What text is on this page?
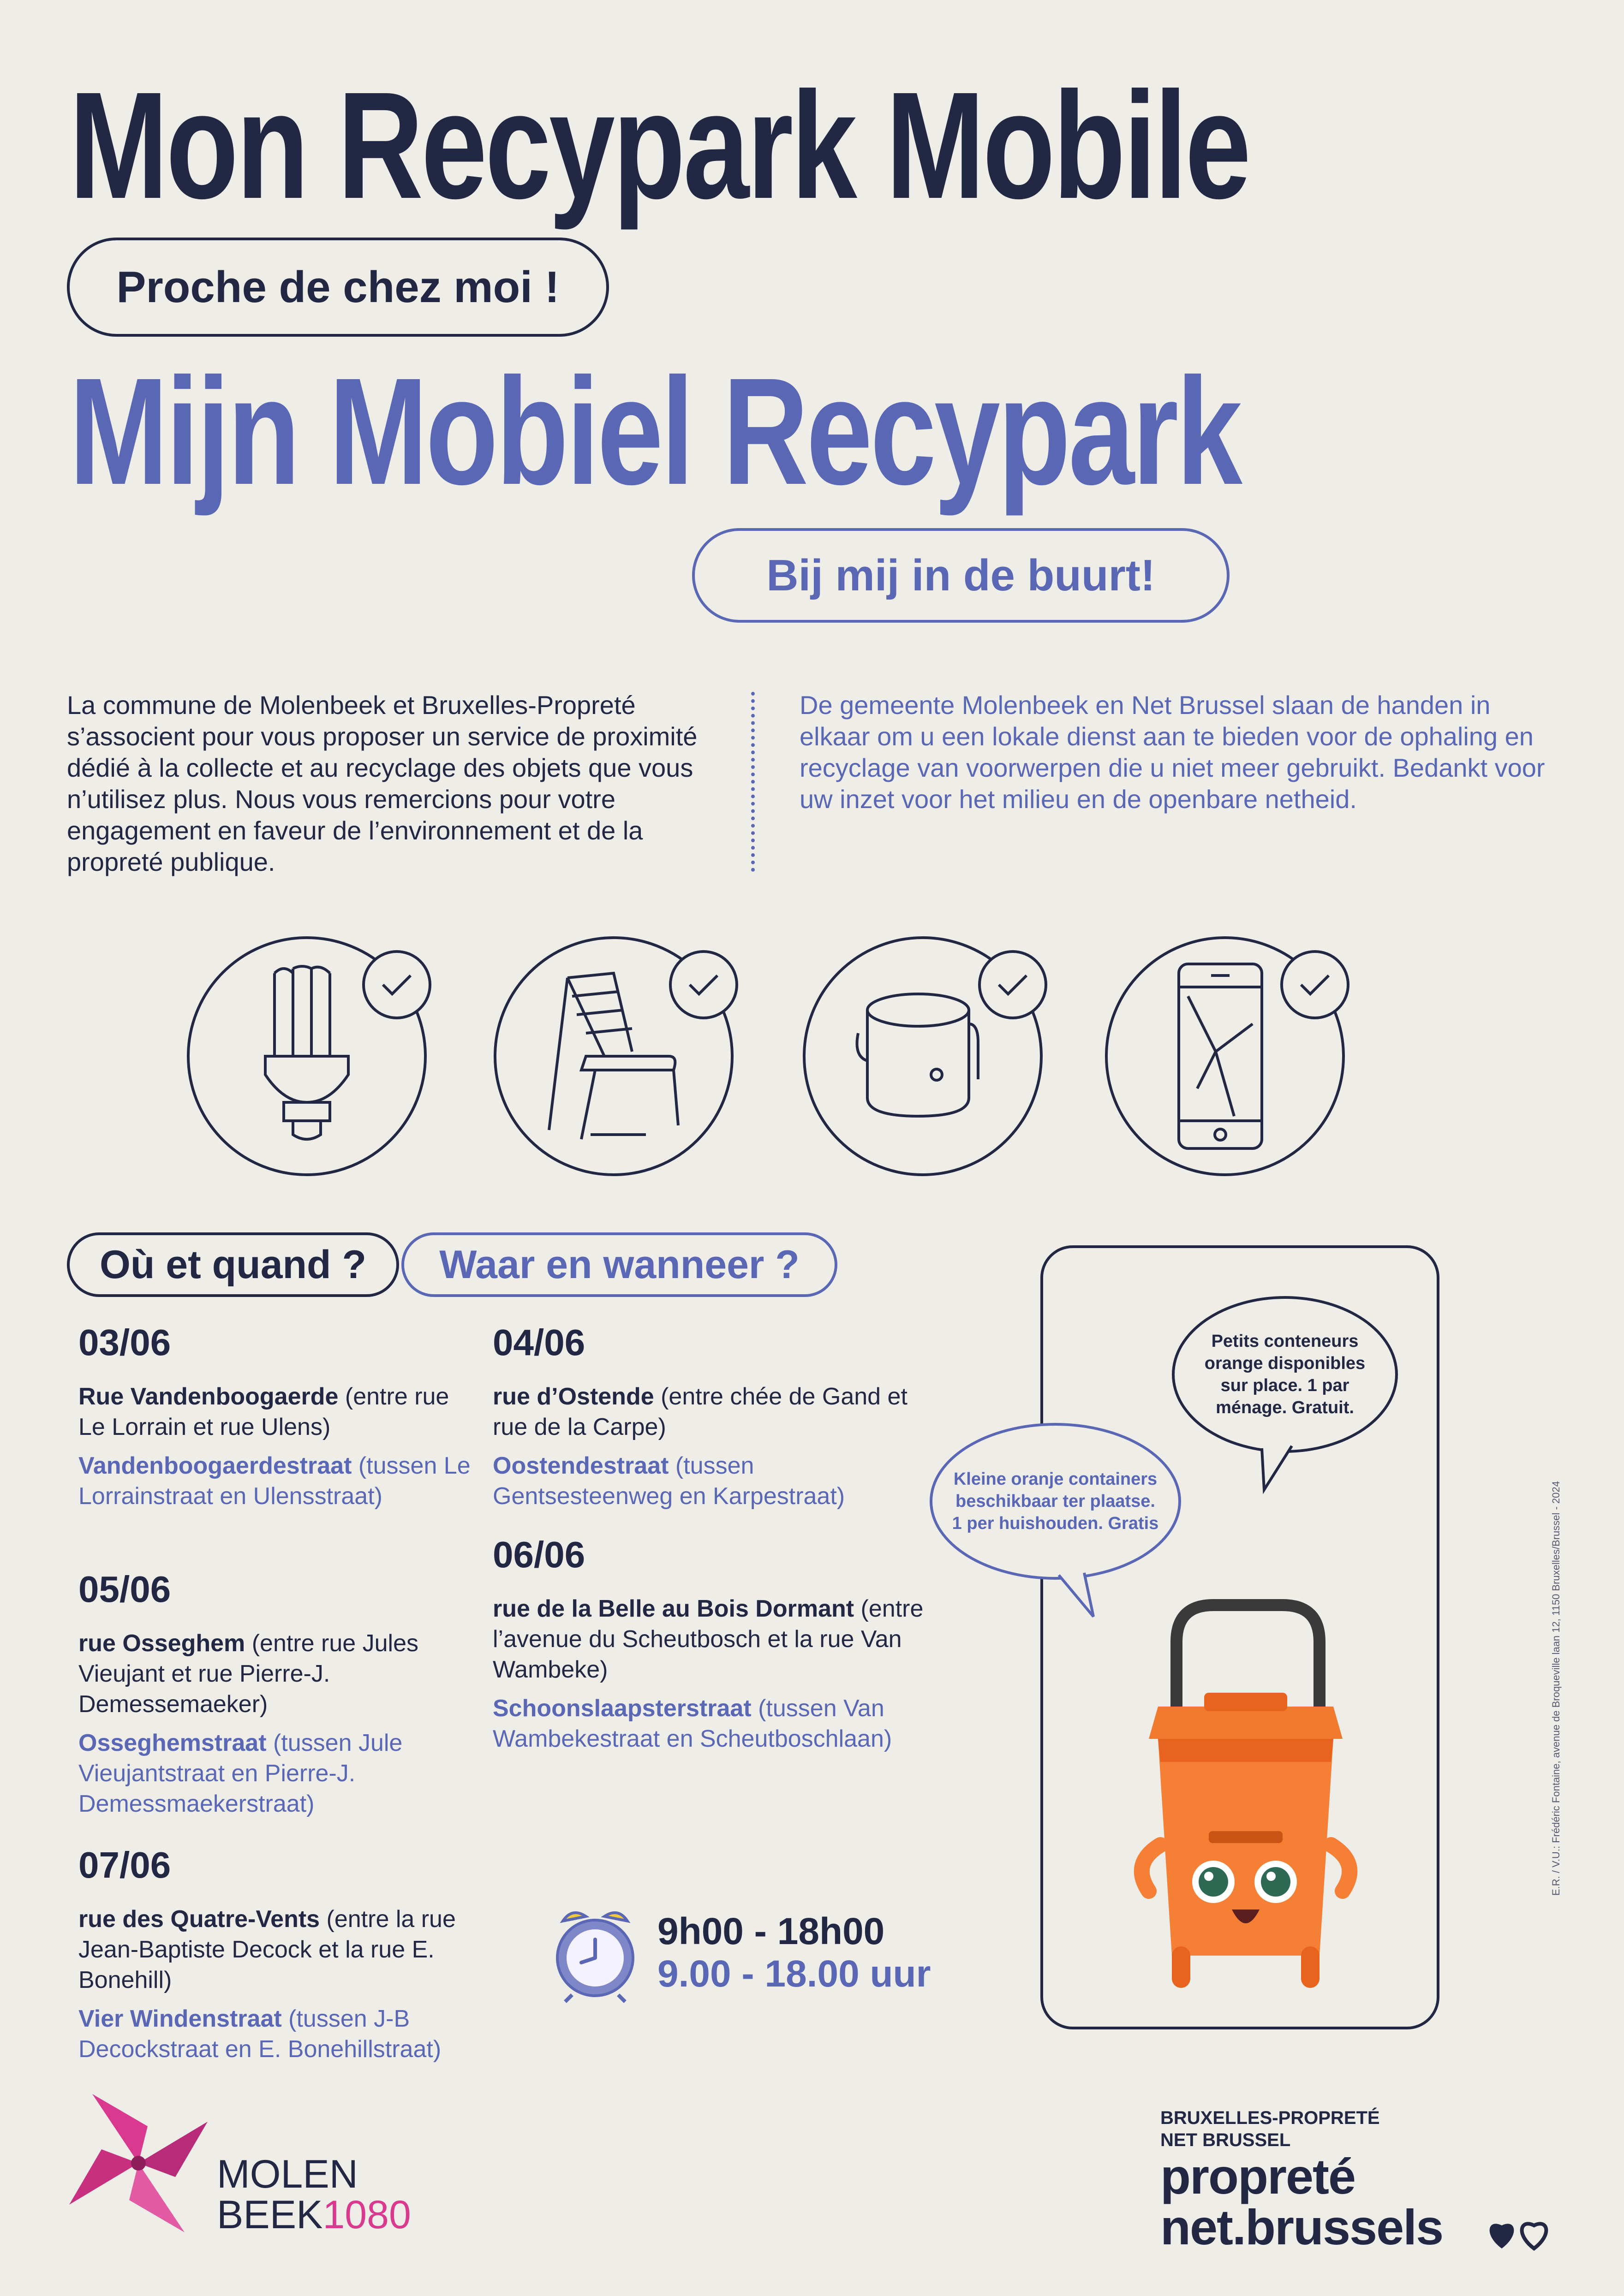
Mon Recypark Mobile
Proche de chez moi !
Mijn Mobiel Recypark
Bij mij in de buurt!
La commune de Molenbeek et Bruxelles-Propreté s’associent pour vous proposer un service de proximité dédié à la collecte et au recyclage des objets que vous n’utilisez plus. Nous vous remercions pour votre engagement en faveur de l’environnement et de la propreté publique.
De gemeente Molenbeek en Net Brussel slaan de handen in elkaar om u een lokale dienst aan te bieden voor de ophaling en recyclage van voorwerpen die u niet meer gebruikt. Bedankt voor uw inzet voor het milieu en de openbare netheid.
Où et quand ?	Waar en wanneer ?
03/06
Rue Vandenboogaerde (entre rue Le Lorrain et rue Ulens)
Vandenboogaerdestraat (tussen Le Lorrainstraat en Ulensstraat)
05/06
rue Osseghem (entre rue Jules Vieujant et rue Pierre-J. Demessemaeker)
Osseghemstraat (tussen Jule Vieujantstraat en Pierre-J. Demessmaekerstraat)
07/06
rue des Quatre-Vents (entre la rue Jean-Baptiste Decock et la rue E. Bonehill)
Vier Windenstraat (tussen J-B Decockstraat en E. Bonehillstraat)
04/06
rue d’Ostende (entre chée de Gand et rue de la Carpe)
Oostendestraat (tussen Gentsesteenweg en Karpestraat)
06/06
rue de la Belle au Bois Dormant (entre l’avenue du Scheutbosch et la rue Van Wambeke)
Schoonslaapsterstraat (tussen Van Wambekestraat en Scheutboschlaan)
9h00 - 18h00
9.00 - 18.00 uur
Petits conteneurs orange disponibles sur place. 1 par ménage. Gratuit.
Kleine oranje containers beschikbaar ter plaatse. 1 per huishouden. Gratis	E.R. / V.U.: Frédéric Fontaine, avenue de Broqueville laan 12, 1150 Bruxelles/Brussel - 2024
MOLEN
BEEK1080
BRUXELLES-PROPRETÉ
NET BRUSSEL
propreté
net.brussels
